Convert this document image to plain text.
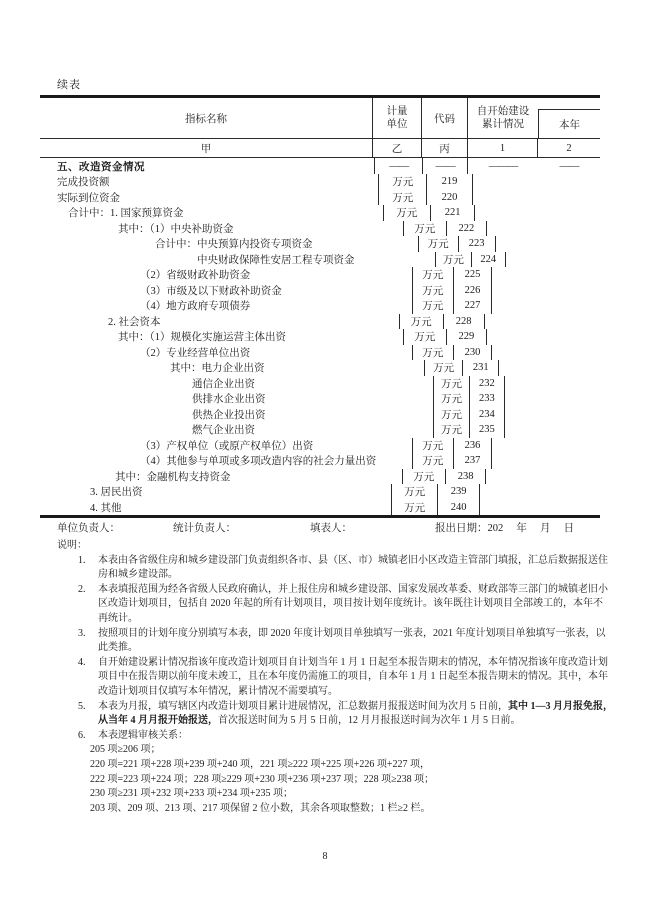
续表
指标名称
计量
单位	代码
自开始建设
累计情况	本年
甲	乙	丙	1	2
五、改造资金情况	——	——	———	——
完成投资额	万元	219
实际到位资金	万元	220
合计中：1. 国家预算资金	万元	221
其中：（1）中央补助资金	万元	222
合计中：中央预算内投资专项资金	万元	223
中央财政保障性安居工程专项资金	万元	224
（2）省级财政补助资金	万元	225
（3）市级及以下财政补助资金	万元	226
（4）地方政府专项债券	万元	227
2. 社会资本	万元	228
其中：（1）规模化实施运营主体出资	万元	229
（2）专业经营单位出资	万元	230
其中：电力企业出资	万元	231
通信企业出资	万元	232
供排水企业出资	万元	233
供热企业投出资	万元	234
燃气企业出资	万元	235
（3）产权单位（或原产权单位）出资	万元	236
（4）其他参与单项或多项改造内容的社会力量出资	万元	237
其中：金融机构支持资金	万元	238
3. 居民出资	万元	239
4. 其他	万元	240
单位负责人：	统计负责人：	填表人：	报出日期：202　 年　 月　 日
说明：
1.	本表由各省级住房和城乡建设部门负责组织各市、县（区、市）城镇老旧小区改造主管部门填报，汇总后数据报送住
房和城乡建设部。
2.	本表填报范围为经各省级人民政府确认，并上报住房和城乡建设部、国家发展改革委、财政部等三部门的城镇老旧小
区改造计划项目，包括自 2020 年起的所有计划项目，项目按计划年度统计。该年既往计划项目全部竣工的，本年不
再统计。
3.	按照项目的计划年度分别填写本表，即 2020 年度计划项目单独填写一张表，2021 年度计划项目单独填写一张表，以
此类推。
4.	自开始建设累计情况指该年度改造计划项目自计划当年 1 月 1 日起至本报告期末的情况，本年情况指该年度改造计划
项目中在报告期以前年度未竣工，且在本年度仍需施工的项目，自本年 1 月 1 日起至本报告期末的情况。其中，本年
改造计划项目仅填写本年情况，累计情况不需要填写。
5.	本表为月报，填写辖区内改造计划项目累计进展情况，汇总数据月报报送时间为次月 5 日前，其中 1—3 月月报免报，
从当年 4 月月报开始报送，首次报送时间为 5 月 5 日前，12 月月报报送时间为次年 1 月 5 日前。
6.	本表逻辑审核关系：
205 项≥206 项；
220 项=221 项+228 项+239 项+240 项，221 项≥222 项+225 项+226 项+227 项，
222 项=223 项+224 项；228 项≥229 项+230 项+236 项+237 项；228 项≥238 项；
230 项≥231 项+232 项+233 项+234 项+235 项；
203 项、209 项、213 项、217 项保留 2 位小数，其余各项取整数；1 栏≥2 栏。
8
